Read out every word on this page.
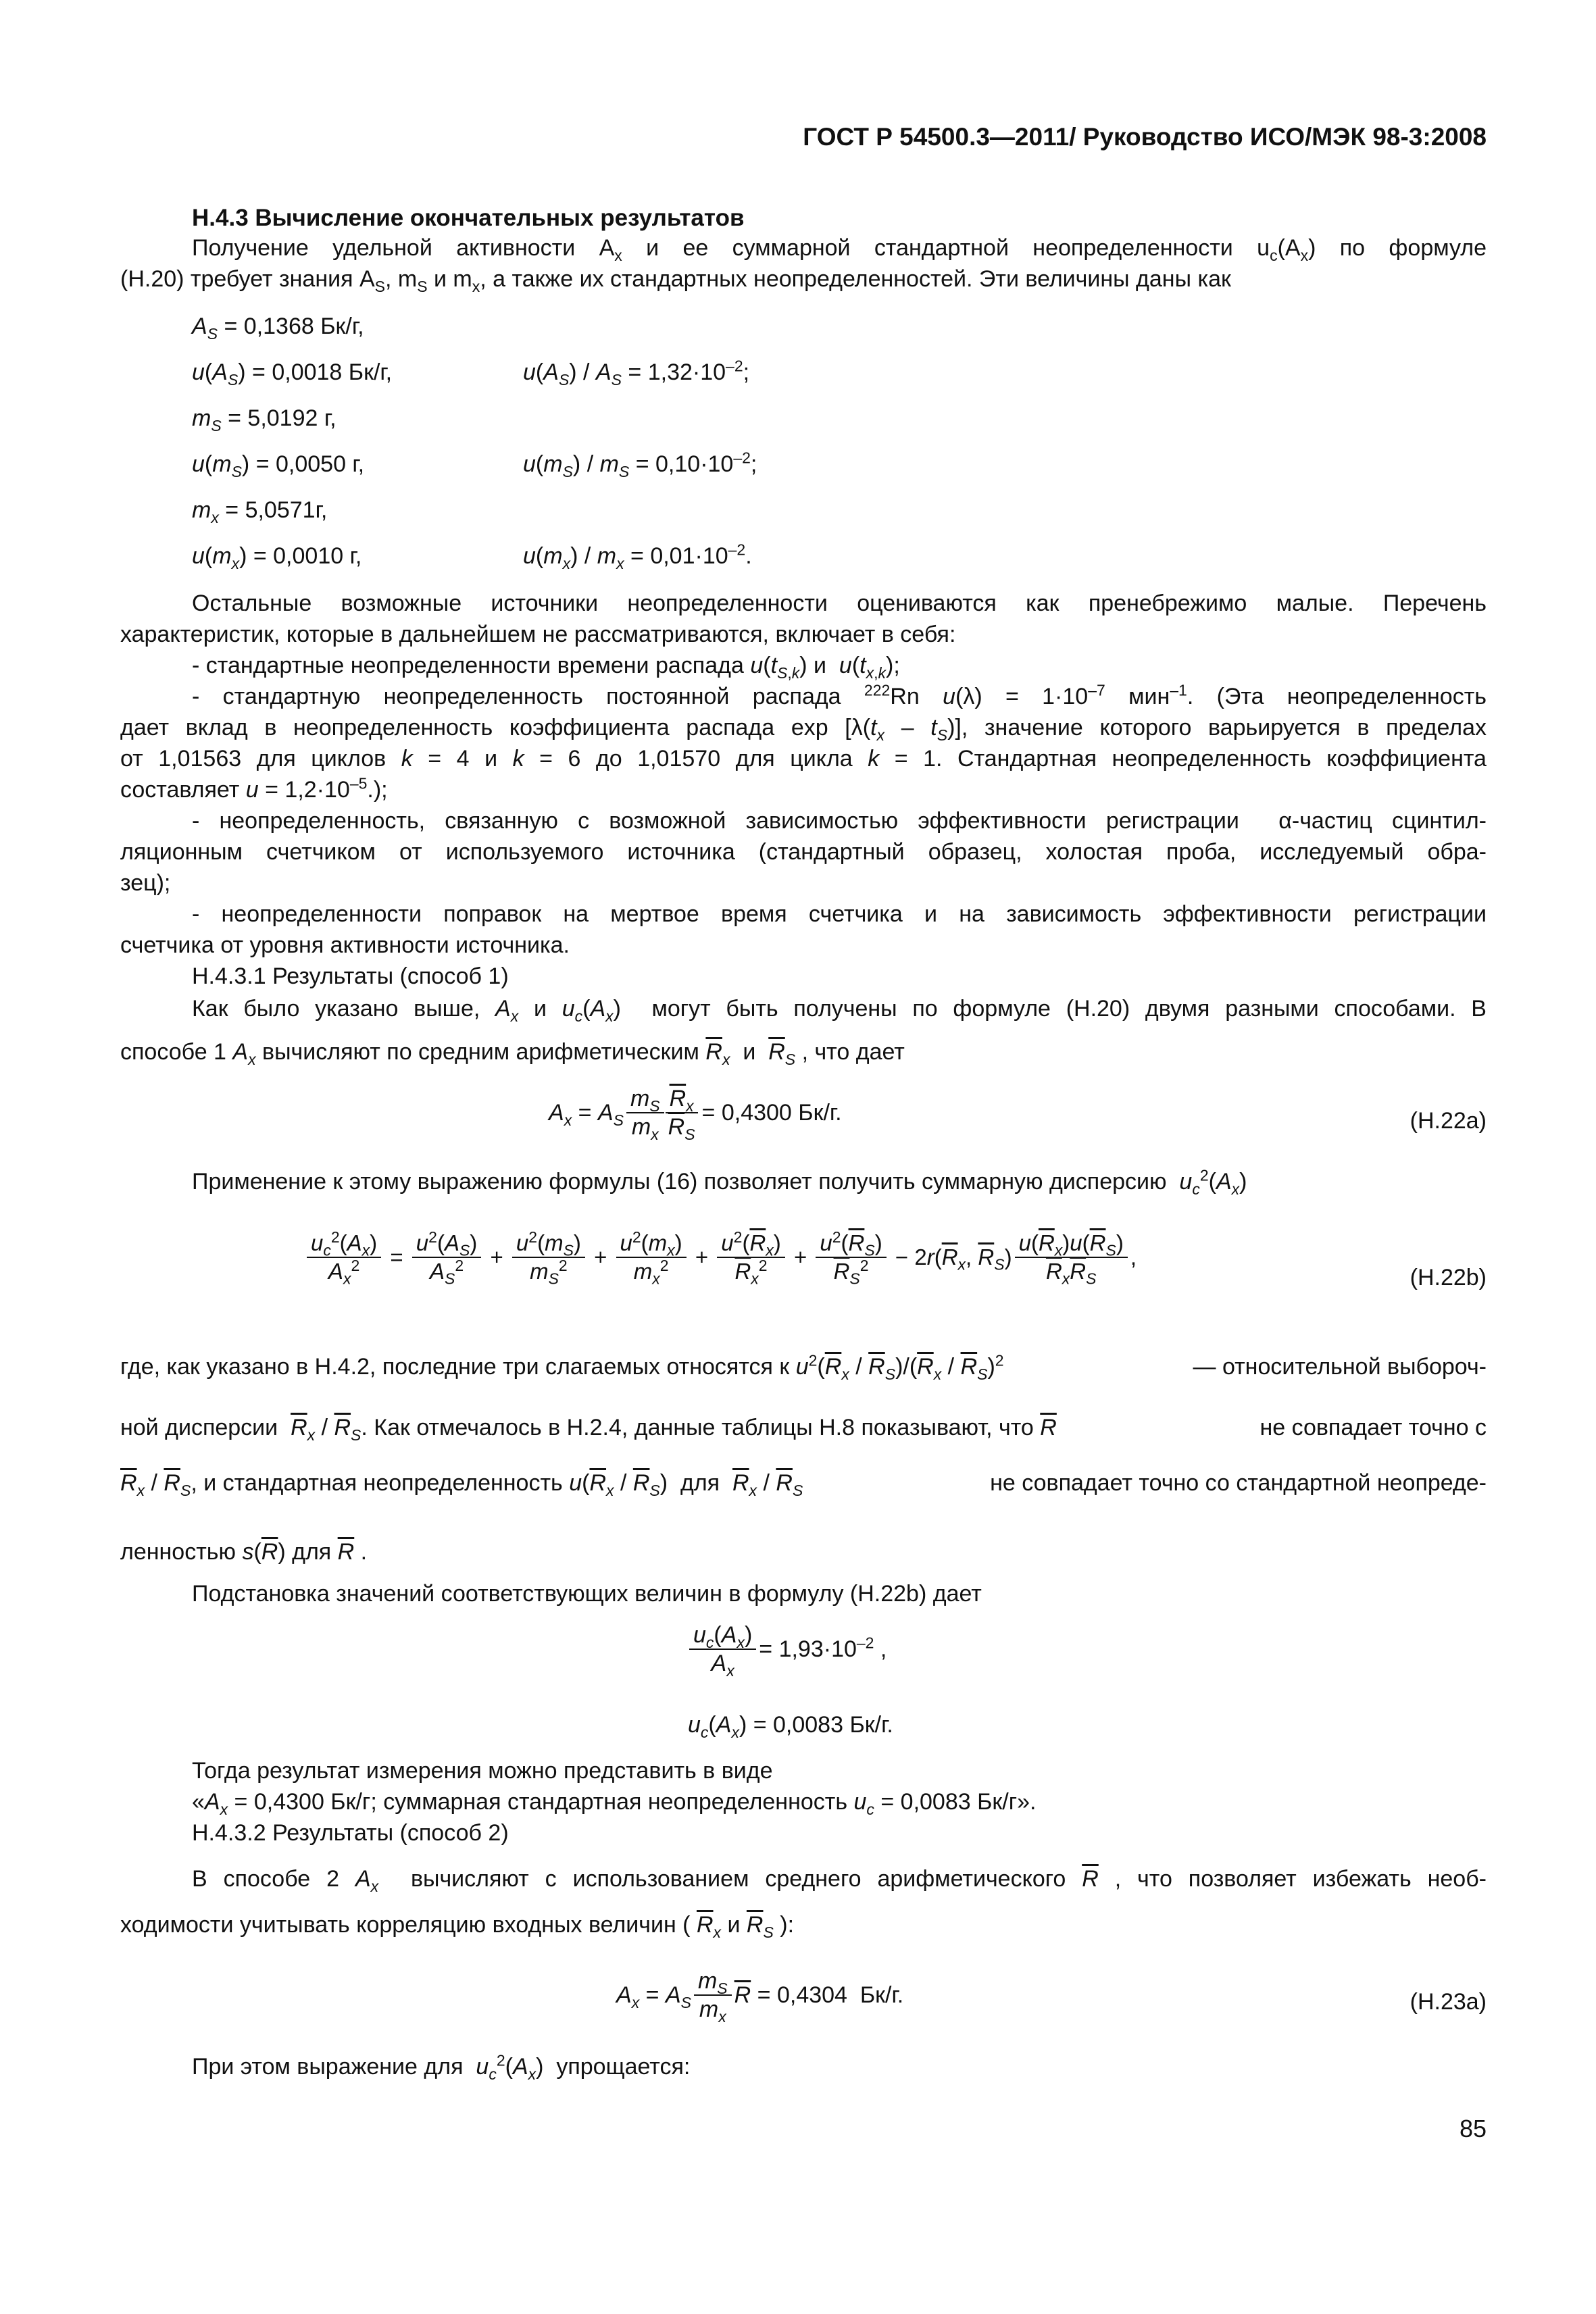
ГОСТ Р 54500.3—2011/ Руководство ИСО/МЭК 98-3:2008
Н.4.3 Вычисление окончательных результатов
Получение удельной активности $A_x$ и ее суммарной стандартной неопределенности $u_c(A_x)$ по формуле
(Н.20) требует знания $A_S$, $m_S$ и $m_x$, а также их стандартных неопределенностей. Эти величины даны как
$A_S = 0,1368$ Бк/г,
$u(A_S) = 0,0018$ Бк/г,	$u(A_S) / A_S = 1,32\cdot 10^{-2}$;
$m_S = 5,0192$ г,
$u(m_S) = 0,0050$ г,	$u(m_S) / m_S = 0,10\cdot 10^{-2}$;
$m_x = 5,0571г$,
$u(m_x) = 0,0010$ г,	$u(m_x) / m_x = 0,01\cdot 10^{-2}$.
Остальные возможные источники неопределенности оцениваются как пренебрежимо малые. Перечень
характеристик, которые в дальнейшем не рассматриваются, включает в себя:
- стандартные неопределенности времени распада $u(t_{S,k})$ и  $u(t_{x,k})$;
- стандартную неопределенность постоянной распада $^{222}$Rn $u(\lambda) = 1\cdot 10^{-7}$ мин$^{-1}$. (Эта неопределенность
дает вклад в неопределенность коэффициента распада $\exp [\lambda(t_x - t_S)]$, значение которого варьируется в пределах
от 1,01563 для циклов k = 4 и k = 6 до 1,01570 для цикла k = 1. Стандартная неопределенность коэффициента
составляет $u = 1,2\cdot 10^{-5}$.);
- неопределенность, связанную с возможной зависимостью эффективности регистрации  α-частиц сцинтил-
ляционным счетчиком от используемого источника (стандартный образец, холостая проба, исследуемый обра-
зец);
- неопределенности поправок на мертвое время счетчика и на зависимость эффективности регистрации
счетчика от уровня активности источника.
Н.4.3.1 Результаты (способ 1)
Как было указано выше, $A_x$ и $u_c(A_x)$  могут быть получены по формуле (Н.20) двумя разными способами. В
способе 1 $A_x$ вычисляют по средним арифметическим $\overline{R}_x$  и  $\overline{R}_S$ , что дает
$A_x = A_S \frac{m_S}{m_x} \frac{\overline{R}_x}{\overline{R}_S} = 0,4300$ Бк/г.	(Н.22а)
Применение к этому выражению формулы (16) позволяет получить суммарную дисперсию $u_c^2(A_x)$
$\frac{u_c^2(A_x)}{A_x^2} = \frac{u^2(A_S)}{A_S^2} + \frac{u^2(m_S)}{m_S^2} + \frac{u^2(m_x)}{m_x^2} + \frac{u^2(\overline{R}_x)}{\overline{R}_x^2} + \frac{u^2(\overline{R}_S)}{\overline{R}_S^2} - 2r(\overline{R}_x$, $\overline{R}_S) \frac{u(\overline{R}_x)u(\overline{R}_S)}{\overline{R}_x\overline{R}_S}$ ,
(Н.22b)
где, как указано в Н.4.2, последние три слагаемых относятся к $u^2(\overline{R}_x / \overline{R}_S)/(\overline{R}_x / \overline{R}_S)^2$	— относительной выбороч-
ной дисперсии $\overline{R}_x / \overline{R}_S$. Как отмечалось в Н.2.4, данные таблицы Н.8 показывают, что $\overline{R}$	не совпадает точно с
$\overline{R}_x / \overline{R}_S$, и стандартная неопределенность $u(\overline{R}_x / \overline{R}_S)$  для $\overline{R}_x / \overline{R}_S$	не совпадает точно со стандартной неопреде-
ленностью $s(\overline{R})$ для $\overline{R}$ .
Подстановка значений соответствующих величин в формулу (Н.22b) дает
$\frac{u_c(A_x)}{A_x} = 1,93\cdot 10^{-2}$ ,
$u_c(A_x) = 0,0083$ Бк/г.
Тогда результат измерения можно представить в виде
«$A_x = 0,4300$ Бк/г; суммарная стандартная неопределенность $u_c = 0,0083$ Бк/г».
Н.4.3.2 Результаты (способ 2)
В способе 2 $A_x$  вычисляют с использованием среднего арифметического $\overline{R}$ , что позволяет избежать необ-
ходимости учитывать корреляцию входных величин ( $\overline{R}_x$ и $\overline{R}_S$ ):
$A_x = A_S \frac{m_S}{m_x} \overline{R} = 0,4304$  Бк/г.	(Н.23а)
При этом выражение для $u_c^2(A_x)$  упрощается:
85
